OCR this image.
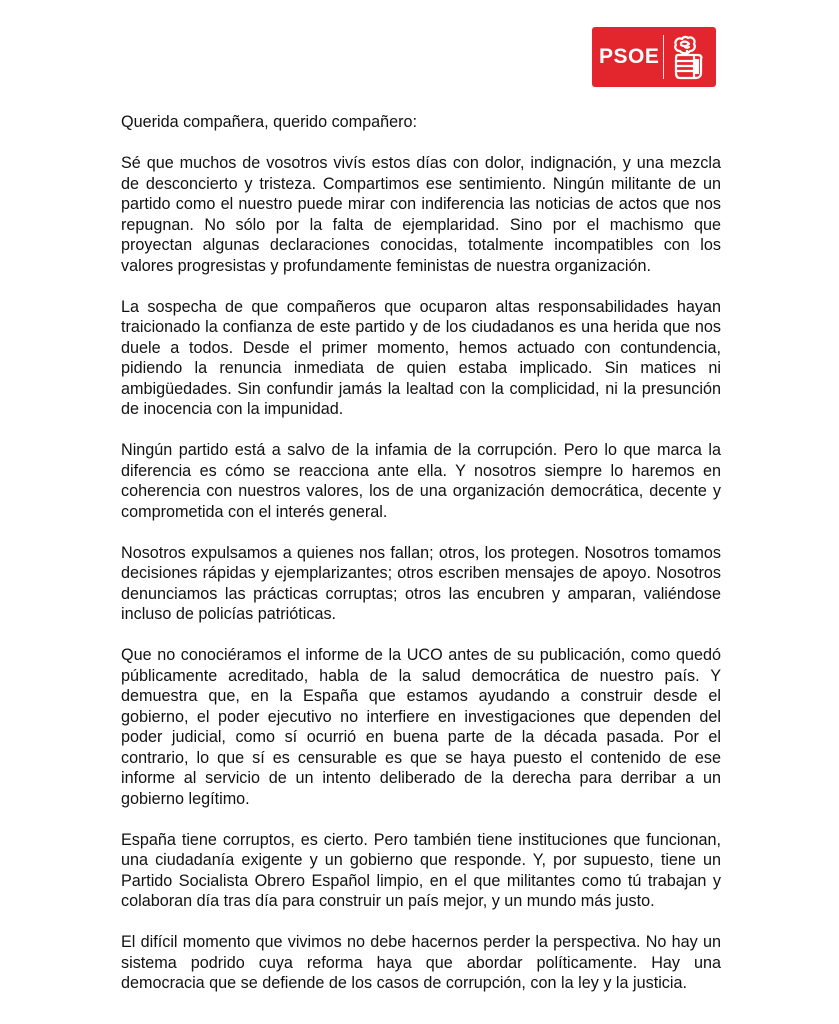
PSOE

Querida compañera, querido compañero:

Sé que muchos de vosotros vivís estos días con dolor, indignación, y una mezcla de desconcierto y tristeza. Compartimos ese sentimiento. Ningún militante de un partido como el nuestro puede mirar con indiferencia las noticias de actos que nos repugnan. No sólo por la falta de ejemplaridad. Sino por el machismo que proyectan algunas declaraciones conocidas, totalmente incompatibles con los valores progresistas y profundamente feministas de nuestra organización.

La sospecha de que compañeros que ocuparon altas responsabilidades hayan traicionado la confianza de este partido y de los ciudadanos es una herida que nos duele a todos. Desde el primer momento, hemos actuado con contundencia, pidiendo la renuncia inmediata de quien estaba implicado. Sin matices ni ambigüedades. Sin confundir jamás la lealtad con la complicidad, ni la presunción de inocencia con la impunidad.

Ningún partido está a salvo de la infamia de la corrupción. Pero lo que marca la diferencia es cómo se reacciona ante ella. Y nosotros siempre lo haremos en coherencia con nuestros valores, los de una organización democrática, decente y comprometida con el interés general.

Nosotros expulsamos a quienes nos fallan; otros, los protegen. Nosotros tomamos decisiones rápidas y ejemplarizantes; otros escriben mensajes de apoyo. Nosotros denunciamos las prácticas corruptas; otros las encubren y amparan, valiéndose incluso de policías patrióticas.

Que no conociéramos el informe de la UCO antes de su publicación, como quedó públicamente acreditado, habla de la salud democrática de nuestro país. Y demuestra que, en la España que estamos ayudando a construir desde el gobierno, el poder ejecutivo no interfiere en investigaciones que dependen del poder judicial, como sí ocurrió en buena parte de la década pasada. Por el contrario, lo que sí es censurable es que se haya puesto el contenido de ese informe al servicio de un intento deliberado de la derecha para derribar a un gobierno legítimo.

España tiene corruptos, es cierto. Pero también tiene instituciones que funcionan, una ciudadanía exigente y un gobierno que responde. Y, por supuesto, tiene un Partido Socialista Obrero Español limpio, en el que militantes como tú trabajan y colaboran día tras día para construir un país mejor, y un mundo más justo.

El difícil momento que vivimos no debe hacernos perder la perspectiva. No hay un sistema podrido cuya reforma haya que abordar políticamente. Hay una democracia que se defiende de los casos de corrupción, con la ley y la justicia.
